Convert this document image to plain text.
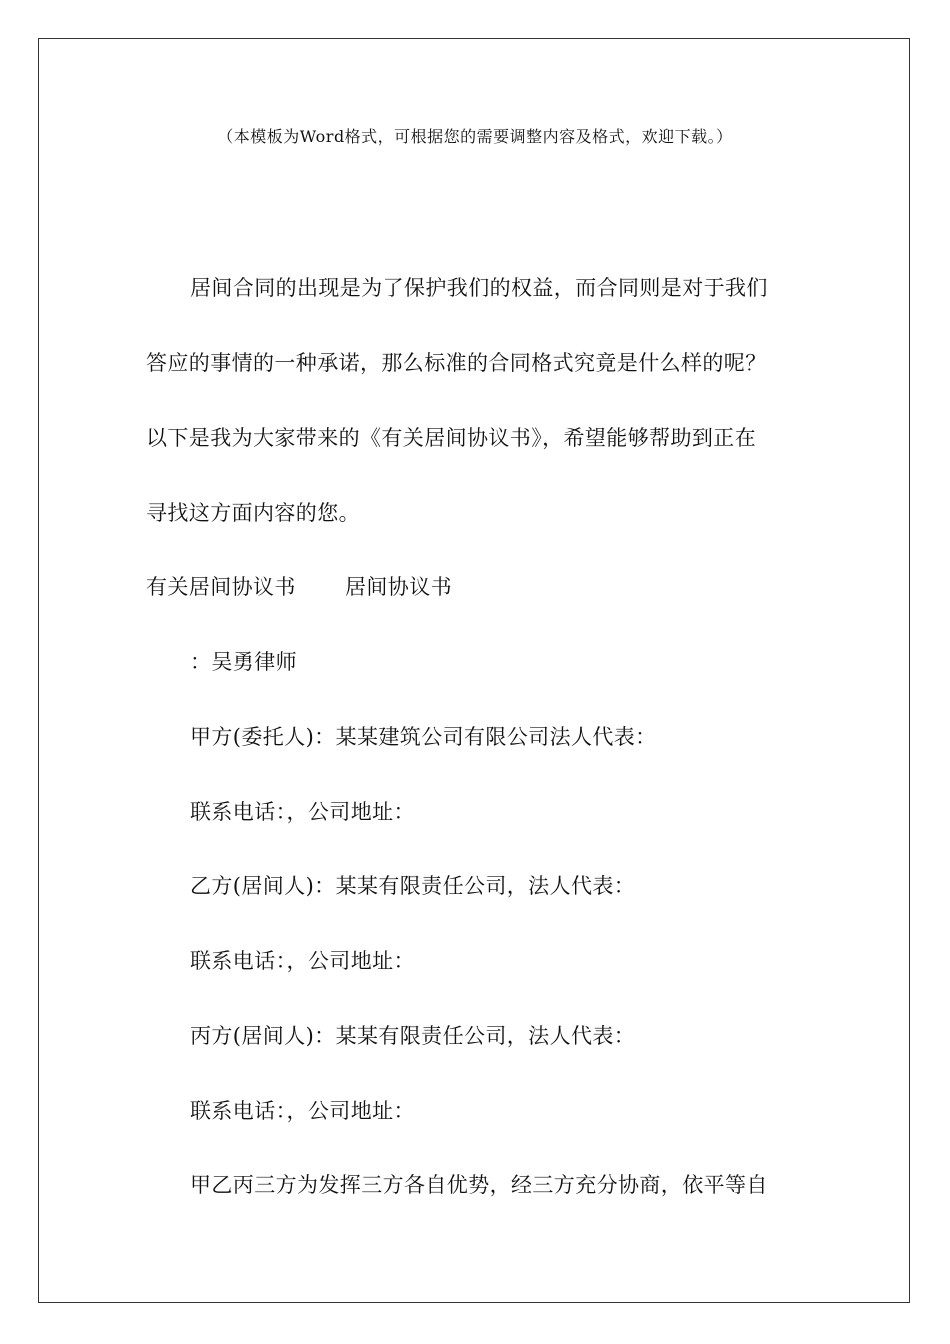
（本模板为Word格式，可根据您的需要调整内容及格式，欢迎下载。）
居间合同的出现是为了保护我们的权益，而合同则是对于我们
答应的事情的一种承诺，那么标准的合同格式究竟是什么样的呢？
以下是我为大家带来的《有关居间协议书》，希望能够帮助到正在
寻找这方面内容的您。
有关居间协议书 居间协议书
：吴勇律师
甲方(委托人)：某某建筑公司有限公司法人代表：
联系电话：，公司地址：
乙方(居间人)：某某有限责任公司，法人代表：
联系电话：，公司地址：
丙方(居间人)：某某有限责任公司，法人代表：
联系电话：，公司地址：
甲乙丙三方为发挥三方各自优势，经三方充分协商，依平等自
